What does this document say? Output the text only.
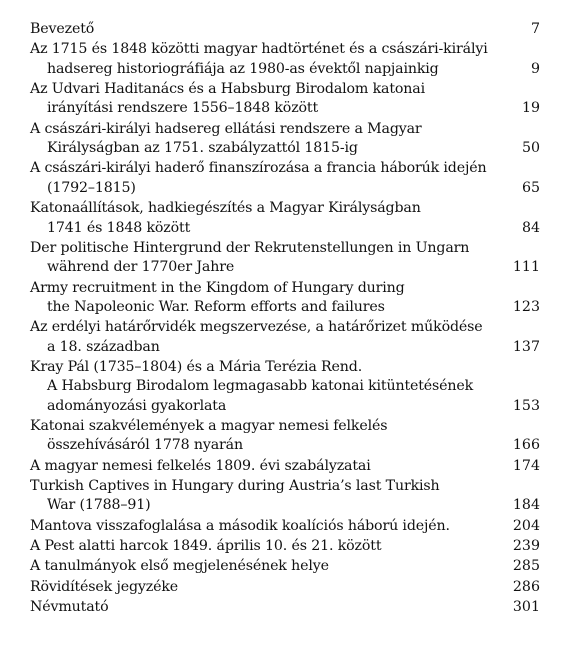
Bevezető	7
Az 1715 és 1848 közötti magyar hadtörténet és a császári-királyi
hadsereg historiográfiája az 1980-as évektől napjainkig	9
Az Udvari Haditanács és a Habsburg Birodalom katonai
irányítási rendszere 1556–1848 között	19
A császári-királyi hadsereg ellátási rendszere a Magyar
Királyságban az 1751. szabályzattól 1815-ig	50
A császári-királyi haderő finanszírozása a francia háborúk idején
(1792–1815)	65
Katonaállítások, hadkiegészítés a Magyar Királyságban
1741 és 1848 között	84
Der politische Hintergrund der Rekrutenstellungen in Ungarn
während der 1770er Jahre	111
Army recruitment in the Kingdom of Hungary during
the Napoleonic War. Reform efforts and failures	123
Az erdélyi határőrvidék megszervezése, a határőrizet működése
a 18. században	137
Kray Pál (1735–1804) és a Mária Terézia Rend.
A Habsburg Birodalom legmagasabb katonai kitüntetésének
adományozási gyakorlata	153
Katonai szakvélemények a magyar nemesi felkelés
összehívásáról 1778 nyarán	166
A magyar nemesi felkelés 1809. évi szabályzatai	174
Turkish Captives in Hungary during Austria’s last Turkish
War (1788–91)	184
Mantova visszafoglalása a második koalíciós háború idején.	204
A Pest alatti harcok 1849. április 10. és 21. között	239
A tanulmányok első megjelenésének helye	285
Rövidítések jegyzéke	286
Névmutató	301
